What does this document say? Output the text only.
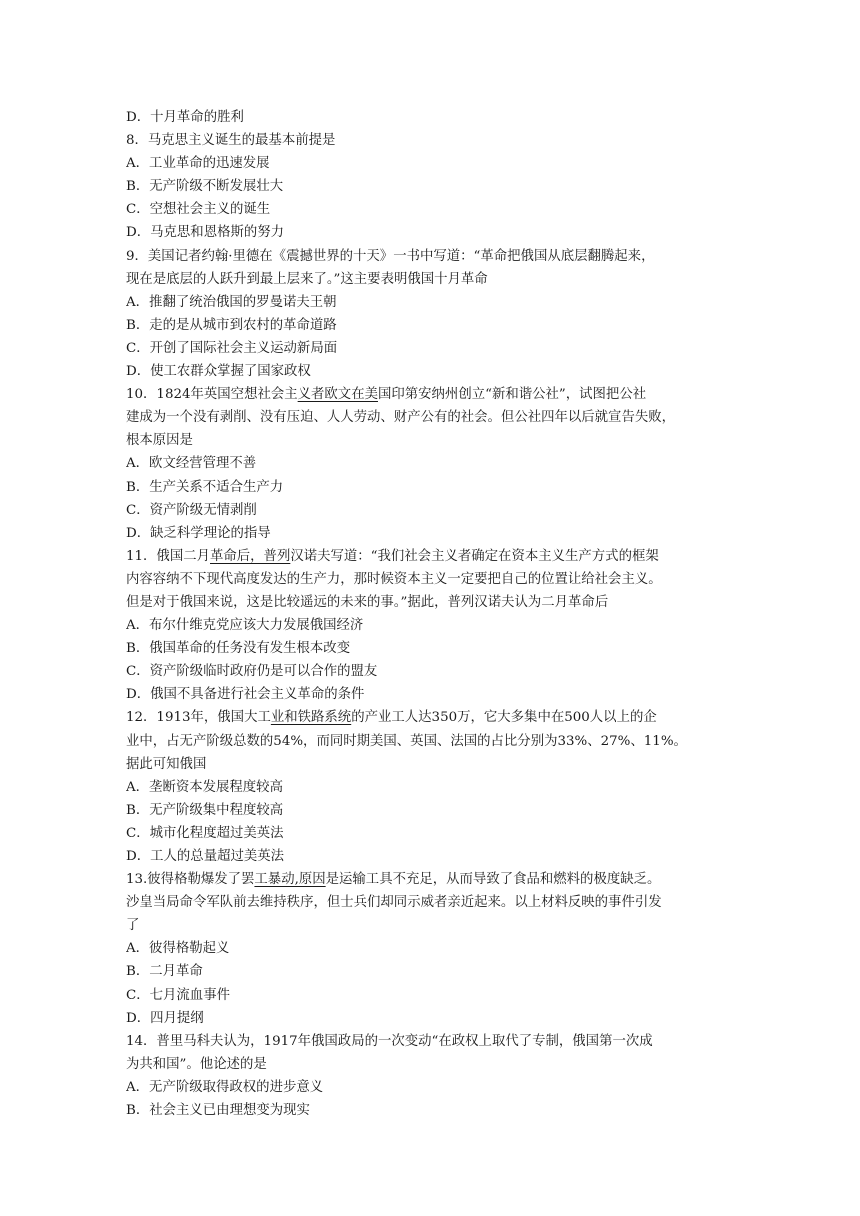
D．十月革命的胜利
8．马克思主义诞生的最基本前提是
A．工业革命的迅速发展
B．无产阶级不断发展壮大
C．空想社会主义的诞生
D．马克思和恩格斯的努力
9．美国记者约翰·里德在《震撼世界的十天》一书中写道：“革命把俄国从底层翻腾起来，
现在是底层的人跃升到最上层来了。”这主要表明俄国十月革命
A．推翻了统治俄国的罗曼诺夫王朝
B．走的是从城市到农村的革命道路
C．开创了国际社会主义运动新局面
D．使工农群众掌握了国家政权
10．1824年英国空想社会主义者欧文在美国印第安纳州创立“新和谐公社”，试图把公社
建成为一个没有剥削、没有压迫、人人劳动、财产公有的社会。但公社四年以后就宣告失败，
根本原因是
A．欧文经营管理不善
B．生产关系不适合生产力
C．资产阶级无情剥削
D．缺乏科学理论的指导
11．俄国二月革命后，普列汉诺夫写道：“我们社会主义者确定在资本主义生产方式的框架
内容容纳不下现代高度发达的生产力，那时候资本主义一定要把自己的位置让给社会主义。
但是对于俄国来说，这是比较遥远的未来的事。”据此，普列汉诺夫认为二月革命后
A．布尔什维克党应该大力发展俄国经济
B．俄国革命的任务没有发生根本改变
C．资产阶级临时政府仍是可以合作的盟友
D．俄国不具备进行社会主义革命的条件
12．1913年，俄国大工业和铁路系统的产业工人达350万，它大多集中在500人以上的企
业中，占无产阶级总数的54%，而同时期美国、英国、法国的占比分别为33%、27%、11%。
据此可知俄国
A．垄断资本发展程度较高
B．无产阶级集中程度较高
C．城市化程度超过美英法
D．工人的总量超过美英法
13.彼得格勒爆发了罢工暴动,原因是运输工具不充足，从而导致了食品和燃料的极度缺乏。
沙皇当局命令军队前去维持秩序，但士兵们却同示威者亲近起来。以上材料反映的事件引发
了
A．彼得格勒起义
B．二月革命
C．七月流血事件
D．四月提纲
14．普里马科夫认为，1917年俄国政局的一次变动“在政权上取代了专制，俄国第一次成
为共和国”。他论述的是
A．无产阶级取得政权的进步意义
B．社会主义已由理想变为现实
